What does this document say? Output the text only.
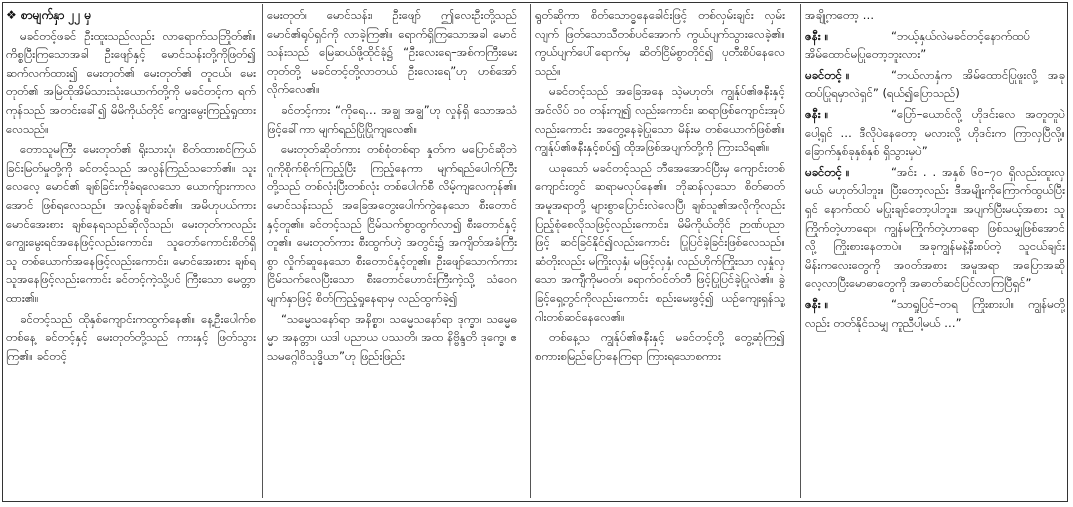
❖ စာမျက်နှာ ၂၂ မှ

မခင်တင့်ဖခင် ဦးထူးသည်လည်း လာရောက်သဘြိုတ်၏။ ကိစ္စပြီးကြသောအခါ ဦးဖျော်နှင့် မောင်သန်းတို့ကိုဖြတ်၍ ဆက်လက်ထား၍ မေးတုတ်၏ မေးတုတ်၏ တူငယ်၊ မေးတုတ်၏ အမြဲထိုအိမ်သားသုံးယောက်တို့ကို မခင်တင့်က ရက်ကုန်သည် အတင်းခေါ်၍ မိမိကိုယ်တိုင် ကျွေးမွေးကြည့်ရှုထားလေသည်။

တောသူမကြီး မေးတုတ်၏ ရိုးသားပုံ၊ စိတ်ထားစင်ကြယ်ခြင်းမြတ်မှုတို့ကို ခင်တင့်သည် အလွန်ကြည်သဘော်၏။ သူးလေလေ့ မောင်၏ ချစ်ခြင်းကိုခံရလေသော ယောက်ျားကာလအောင် ဖြစ်ရလေသည်။ အလွန်ချစ်ခင်၏။ အမိဟုပယ်ကား မောင်အေးစား ချစ်နေရသည်ဆိုလိုသည်၊ မေးတုတ်ကလည်း ကျွေးမွေးရင်အနေဖြင့်လည်းကောင်း၊ သူတော်ကောင်းစိတ်ရှိသူ တစ်ယောက်အနေဖြင့်လည်းကောင်း၊ မောင်အေးစား ချစ်ရသူအနေဖြင့်လည်းကောင်း ခင်တင့်ကဲ့သို့ပင် ကြီးသော မေတ္တာထား၏။

ခင်တင့်သည် ထိုနှစ်ကျောင်းကထွက်နေ၏။ နေ့ဦးပေါက်စ တစ်နေ့ ခင်တင့်နှင့် မေးတုတ်တို့သည် ကားနှင့် ဖြတ်သွားကြ၏။ ခင်တင့်

မေးတုတ်၊ မောင်သန်း၊ ဦးဖျော် ဤလေးဦးတို့သည် မောင်၏ရုပ်ရှင်ကို လာခဲ့ကြ၏။ ရောက်ရှိကြသောအခါ မောင်သန်းသည် မြေဆယ်ဖို့ထိုင်ခုံ၌ “ဦးလေးရေ–အစ်ကကြီးမေးတုတ်တို့ မခင်တင့်တို့လာတယ် ဦးလေးရေ”ဟု ဟစ်အော်လိုက်လေ၏။

ခင်တင့်ကား “ကိုရေ… အချွ အချွ”ဟု လှုန်ရှိ သောအသံဖြင့်ခေါ်ကာ မျက်ရည်ပြိုပြိုကျလေ၏။

မေးတုတ်ဆိုတ်ကား တစ်စုံတစ်ရာ နှုတ်က မပြောင်ဆိုဘဲ ဂူကိုစိုက်စိုက်ကြည့်ပြီး ကြည့်နေကာ မျက်ရည်ပေါက်ကြီးတို့သည် တစ်လုံးပြီးတစ်လုံး တစ်ပေါက်စီ လိမ့်ကျလေကုန်၏။ မောင်သန်းသည် အခြေအတွေးပေါက်ကွဲနေသော စီးတောင်နှင့်တူ၏။ ခင်တင့်သည် ငြိမ်သက်စွာထွက်လာ၍ စီးတောင်နှင့်တူ၏။ မေးတုတ်ကား စီးထွက်ဟဲ့ အတွင်း၌ အကျိတ်အခံကြီးစွာ လှိုက်ဆူနေသော စီးတောင်နှင့်တူ၏။ ဦးဖျော်သောက်ကား ငြိမ်သက်လေပြီးသော စီးတောင်ဟောင်းကြီးကဲ့သို့ သံဝေဂမျက်နှာဖြင့် စိတ်ကြည့်ရှုနေရာမှ လည်ထွက်ခဲ့၍

“သမ္မေသနော်ရာ အနိစ္စာ၊ သမ္မေသနော်ရာ ဒုက္ခာ၊ သမ္မေဓမ္မာ အနတ္တာ၊ ယဒါ ပညာယ ပဿတိ၊ အထ နိဗ္ဗိန္ဒတိ ဒုက္ခေ၊ ဧသမဂ္ဂေါဝိသုဒ္ဓိယာ”ဟု ဖြည်းဖြည်း

ရွတ်ဆိုကာ စိတ်သောဝ္ဓနေခေါင်းဖြင့် တစ်လှမ်းချင်း လှမ်းလျက် ဖြတ်သောသီတစ်ပင်အောက် ကွယ်ပျက်သွားလေခဲ့၏။ ကွယ်ပျက်ပေါ်ရောက်မှ ဆိတ်ငြိမ်စွာတိုင်၍ ပုတီးစိပ်နေလေသည်။

မခင်တင့်သည် အခြေအနေ သဲ့မဟုတ်၊ ကျွန်ုပ်၏ဇနီးနှင့် အင်လိပ် ၁၀ တန်းကျ၍ လည်းကောင်း၊ ဆရာဖြစ်ကျောင်းအုပ်လည်းကောင်း အတွေ့နေခဲ့ပြုသော မိန်းမ တစ်ယောက်ဖြစ်၏။ ကျွန်ုပ်၏ဇနီးနှင့်စပ်၍ ထိုအဖြစ်အပျက်တို့ကို ကြားသိရ၏။

ယခုသော် မခင်တင့်သည် ဘီအေအောင်ပြီးမှ ကျောင်းတစ်ကျောင်းတွင် ဆရာမလုပ်နေ၏။ ဘိုဆန်လှသော စိတ်ဓာတ်အမူအရာတို့ များစွာပြောင်းလဲလေပြီ၊ ချစ်သူ၏အလိုကိုလည်း ပြည့်စုံစေလိုသဖြင့်လည်းကောင်း၊ မိမိကိုယ်တိုင် ဉာဏ်ပညာဖြင့် ဆင်ခြင်နိုင်၍လည်းကောင်း ပြုပြင်ခဲ့ခြင်းဖြစ်လေသည်။ ဆံတိုးလည်း မကြိုးလှနှံ၊ မဖြင့်လှနှံ၊ လည်ဟိုက်ကြိုးသာ လှနှုံလှသော အကျီကိုမဝတ်၊ ခရာက်ဝင်တ်တီ ဖြင့်ပြုပြင်ခဲ့ပြုလဲ၏။ ခွဲခြင့်ရှေ့တွင်ကိုလည်းကောင်း စည်းမေးဖွင့်၍ ယဉ်ကျေးရှန်သူ့ဂါးတစ်ဆင်နေလေ၏။

တစ်နေ့သ ကျွန်ုပ်၏ဇနီးနှင့် မခင်တင့်တို့ တွေ့ဆုံကြ၍ စကားစမြည်ပြောနေကြရာ ကြားရသောစကား

အချို့ကတော့ …

ဇနီး ။	“ဘယ့်နှယ်လဲမခင်တင့်နောက်ထပ်အိမ်ထောင်မပြုတော့ဘူးလား”

မခင်တင့် ။	“ဘယ်လာနှံက အိမ်ထောင်ပြုဖူးလို့ အခုထပ်ပြုရမှာလဲရှင်” (ရယ်၍ပြောသည်)

ဇနီး ။	“ပြော်–ယောင်လို့ ဟိုဒင်းလေ အတူတူပဲပေါ့ရှင် … ဒီလိုပဲနေတော့ မလားလို့ ဟိုဒင်းက ကြာလှပြီလို့။ ခြောက်နှစ်ခုနှစ်နှစ် ရှိသွားမှပဲ”

မခင်တင့် ။	“အင်း . . အနှစ် ၆၀–၇၀ ရှိလည်းထူးလှမယ် မဟုတ်ပါဘူး။ ပြီးတော့လည်း ဒီအမျိုးကိုကြောက်ထွယ်ပြီးရှင် နောက်ထပ် မပြုးချင်တော့ပါဘူး။ အပျက်ပြီးမယ့်အစား သူကြိုက်တဲ့ဟာရော၊ ကျွန်မကြိုက်တဲ့ဟာရော ဖြစ်သမျှဖြစ်အောင်လို့ ကြိုးစားနေတာပဲ။ အခုကျွန်မနဲ့နီးစပ်တဲ့ သူငယ်ချင်းမိန်းကလေးတွေကို အဝတ်အစား အမူအရာ အပြောအဆို လေ့လာပြီးမောဓာတွေကို အဓာတ်ဆင်ပြင်လာကြပြီရှင်”

ဇနီး ။	“သာရှုပြင်–ဝာရ ကြိုးစားပါ။ ကျွန်မတို့လည်း တတ်နိုင်သမျှ ကူညီပါ့မယ် …”
